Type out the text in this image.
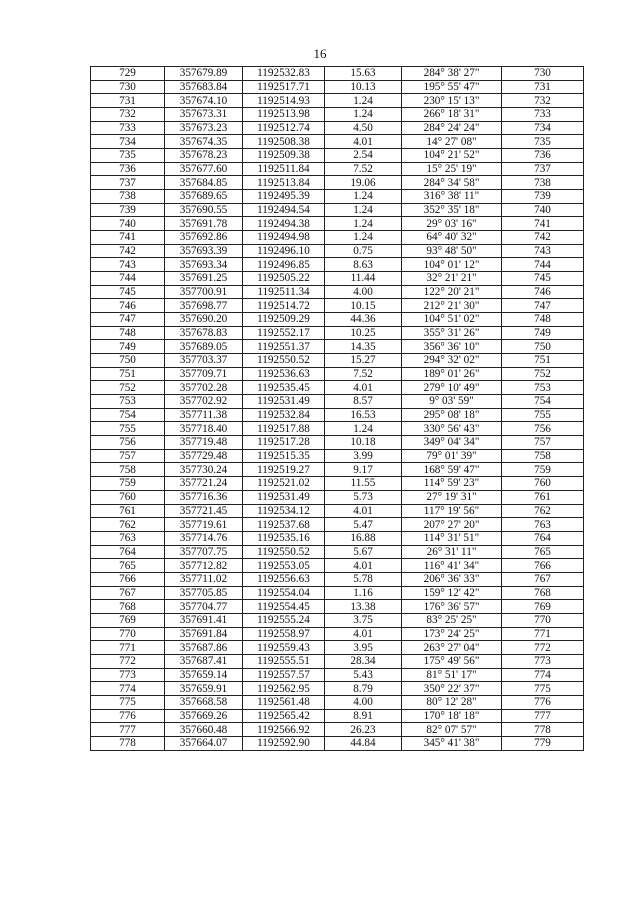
16
729	357679.89	1192532.83	15.63	284° 38' 27"	730
730	357683.84	1192517.71	10.13	195° 55' 47"	731
731	357674.10	1192514.93	1.24	230° 15' 13"	732
732	357673.31	1192513.98	1.24	266° 18' 31"	733
733	357673.23	1192512.74	4.50	284° 24' 24"	734
734	357674.35	1192508.38	4.01	14° 27' 08"	735
735	357678.23	1192509.38	2.54	104° 21' 52"	736
736	357677.60	1192511.84	7.52	15° 25' 19"	737
737	357684.85	1192513.84	19.06	284° 34' 58"	738
738	357689.65	1192495.39	1.24	316° 38' 11"	739
739	357690.55	1192494.54	1.24	352° 35' 18"	740
740	357691.78	1192494.38	1.24	29° 03' 16"	741
741	357692.86	1192494.98	1.24	64° 40' 32"	742
742	357693.39	1192496.10	0.75	93° 48' 50"	743
743	357693.34	1192496.85	8.63	104° 01' 12"	744
744	357691.25	1192505.22	11.44	32° 21' 21"	745
745	357700.91	1192511.34	4.00	122° 20' 21"	746
746	357698.77	1192514.72	10.15	212° 21' 30"	747
747	357690.20	1192509.29	44.36	104° 51' 02"	748
748	357678.83	1192552.17	10.25	355° 31' 26"	749
749	357689.05	1192551.37	14.35	356° 36' 10"	750
750	357703.37	1192550.52	15.27	294° 32' 02"	751
751	357709.71	1192536.63	7.52	189° 01' 26"	752
752	357702.28	1192535.45	4.01	279° 10' 49"	753
753	357702.92	1192531.49	8.57	9° 03' 59"	754
754	357711.38	1192532.84	16.53	295° 08' 18"	755
755	357718.40	1192517.88	1.24	330° 56' 43"	756
756	357719.48	1192517.28	10.18	349° 04' 34"	757
757	357729.48	1192515.35	3.99	79° 01' 39"	758
758	357730.24	1192519.27	9.17	168° 59' 47"	759
759	357721.24	1192521.02	11.55	114° 59' 23"	760
760	357716.36	1192531.49	5.73	27° 19' 31"	761
761	357721.45	1192534.12	4.01	117° 19' 56"	762
762	357719.61	1192537.68	5.47	207° 27' 20"	763
763	357714.76	1192535.16	16.88	114° 31' 51"	764
764	357707.75	1192550.52	5.67	26° 31' 11"	765
765	357712.82	1192553.05	4.01	116° 41' 34"	766
766	357711.02	1192556.63	5.78	206° 36' 33"	767
767	357705.85	1192554.04	1.16	159° 12' 42"	768
768	357704.77	1192554.45	13.38	176° 36' 57"	769
769	357691.41	1192555.24	3.75	83° 25' 25"	770
770	357691.84	1192558.97	4.01	173° 24' 25"	771
771	357687.86	1192559.43	3.95	263° 27' 04"	772
772	357687.41	1192555.51	28.34	175° 49' 56"	773
773	357659.14	1192557.57	5.43	81° 51' 17"	774
774	357659.91	1192562.95	8.79	350° 22' 37"	775
775	357668.58	1192561.48	4.00	80° 12' 28"	776
776	357669.26	1192565.42	8.91	170° 18' 18"	777
777	357660.48	1192566.92	26.23	82° 07' 57"	778
778	357664.07	1192592.90	44.84	345° 41' 38"	779
